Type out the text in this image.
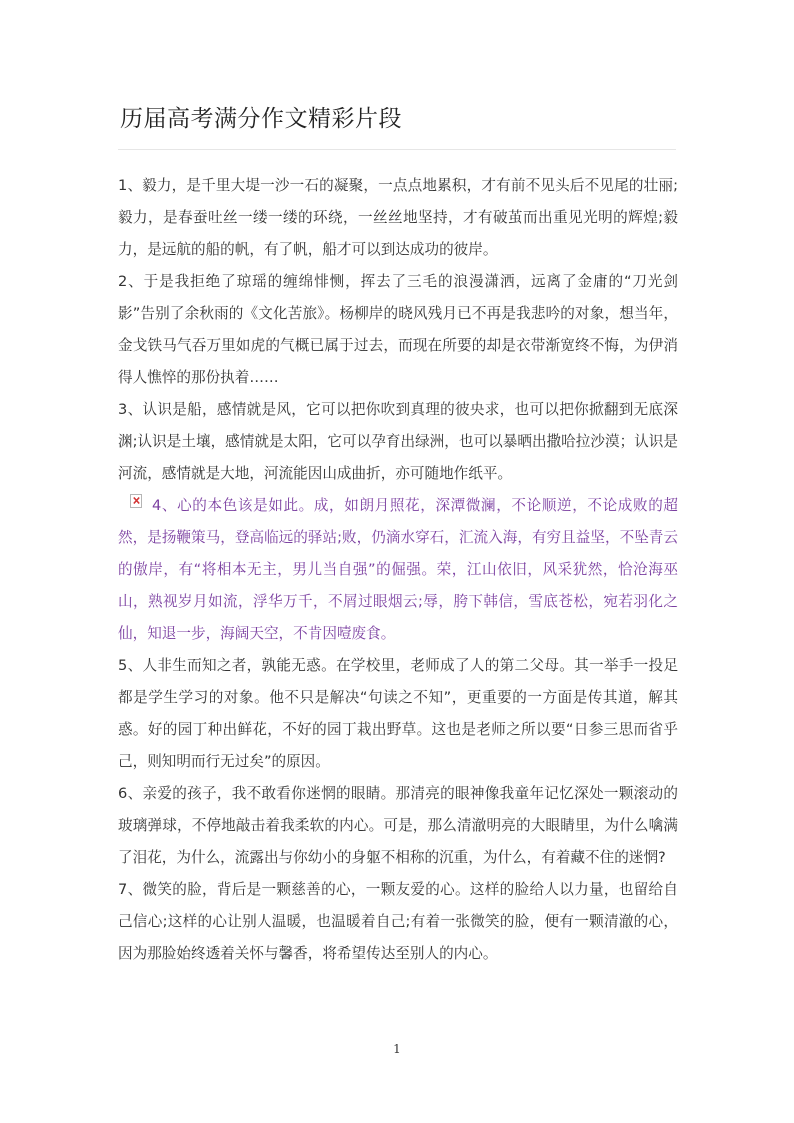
历届高考满分作文精彩片段

1、毅力，是千里大堤一沙一石的凝聚，一点点地累积，才有前不见头后不见尾的壮丽;毅力，是春蚕吐丝一缕一缕的环绕，一丝丝地坚持，才有破茧而出重见光明的辉煌;毅力，是远航的船的帆，有了帆，船才可以到达成功的彼岸。

2、于是我拒绝了琼瑶的缠绵悱恻，挥去了三毛的浪漫潇洒，远离了金庸的“刀光剑影”告别了余秋雨的《文化苦旅》。杨柳岸的晓风残月已不再是我悲吟的对象，想当年，金戈铁马气吞万里如虎的气概已属于过去，而现在所要的却是衣带渐宽终不悔，为伊消得人憔悴的那份执着……

3、认识是船，感情就是风，它可以把你吹到真理的彼央求，也可以把你掀翻到无底深渊;认识是土壤，感情就是太阳，它可以孕育出绿洲，也可以暴晒出撒哈拉沙漠；认识是河流，感情就是大地，河流能因山成曲折，亦可随地作纸平。

4、心的本色该是如此。成，如朗月照花，深潭微澜，不论顺逆，不论成败的超然，是扬鞭策马，登高临远的驿站;败，仍滴水穿石，汇流入海，有穷且益坚，不坠青云的傲岸，有“将相本无主，男儿当自强”的倔强。荣，江山依旧，风采犹然，恰沧海巫山，熟视岁月如流，浮华万千，不屑过眼烟云;辱，胯下韩信，雪底苍松，宛若羽化之仙，知退一步，海阔天空，不肯因噎废食。

5、人非生而知之者，孰能无惑。在学校里，老师成了人的第二父母。其一举手一投足都是学生学习的对象。他不只是解决“句读之不知”，更重要的一方面是传其道，解其惑。好的园丁种出鲜花，不好的园丁栽出野草。这也是老师之所以要“日参三思而省乎己，则知明而行无过矣”的原因。

6、亲爱的孩子，我不敢看你迷惘的眼睛。那清亮的眼神像我童年记忆深处一颗滚动的玻璃弹球，不停地敲击着我柔软的内心。可是，那么清澈明亮的大眼睛里，为什么噙满了泪花，为什么，流露出与你幼小的身躯不相称的沉重，为什么，有着藏不住的迷惘?

7、微笑的脸，背后是一颗慈善的心，一颗友爱的心。这样的脸给人以力量，也留给自己信心;这样的心让别人温暖，也温暖着自己;有着一张微笑的脸，便有一颗清澈的心，因为那脸始终透着关怀与馨香，将希望传达至别人的内心。

1
